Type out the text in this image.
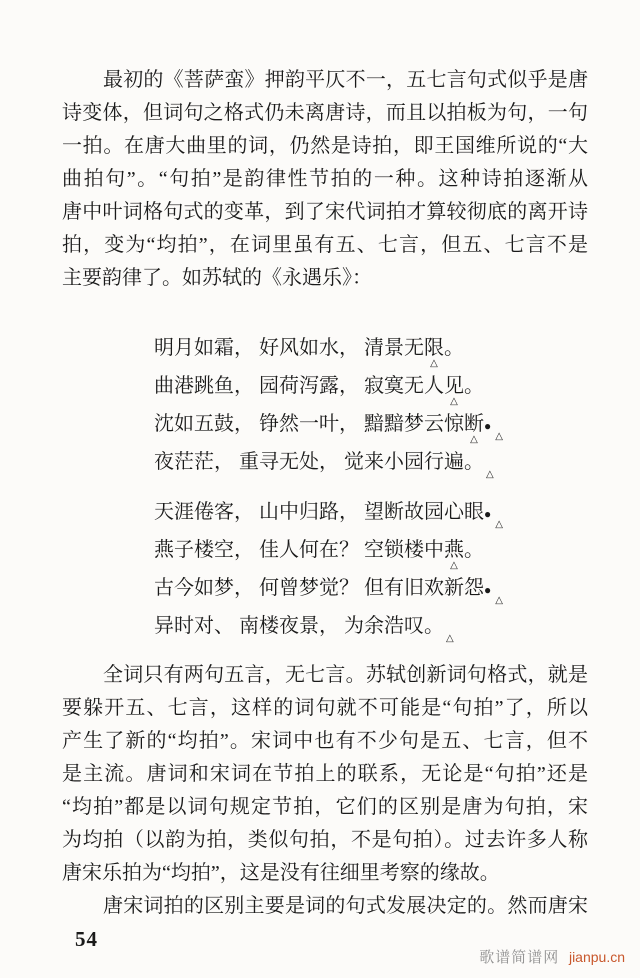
最初的《菩萨蛮》押韵平仄不一，五七言句式似乎是唐
诗变体，但词句之格式仍未离唐诗，而且以拍板为句，一句
一拍。在唐大曲里的词，仍然是诗拍，即王国维所说的“大
曲拍句”。“句拍”是韵律性节拍的一种。这种诗拍逐渐从
唐中叶词格句式的变革，到了宋代词拍才算较彻底的离开诗
拍，变为“均拍”，在词里虽有五、七言，但五、七言不是
主要韵律了。如苏轼的《永遇乐》：
明月如霜， 好风如水， 清景无限。
曲港跳鱼， 园荷泻露， 寂寞无人
△
见。
沈如五鼓， 铮然一叶， 黯黯梦云惊
△
断●△
夜茫茫， 重寻无处， 觉来小园行遍。
△
△
天涯倦客， 山中归路， 望断故园心眼●△
燕子楼空， 佳人何在？ 空锁楼中燕。
古今如梦， 何曾梦觉？ 但有旧欢新
△
怨●△
异时对、 南楼夜景， 为余浩叹。△
全词只有两句五言，无七言。苏轼创新词句格式，就是
要躲开五、七言，这样的词句就不可能是“句拍”了，所以
产生了新的“均拍”。宋词中也有不少句是五、七言，但不
是主流。唐词和宋词在节拍上的联系，无论是“句拍”还是
“均拍”都是以词句规定节拍，它们的区别是唐为句拍，宋
为均拍（以韵为拍，类似句拍，不是句拍）。过去许多人称
唐宋乐拍为“均拍”，这是没有往细里考察的缘故。
唐宋词拍的区别主要是词的句式发展决定的。然而唐宋
54
歌谱简谱网 jianpu.cn
